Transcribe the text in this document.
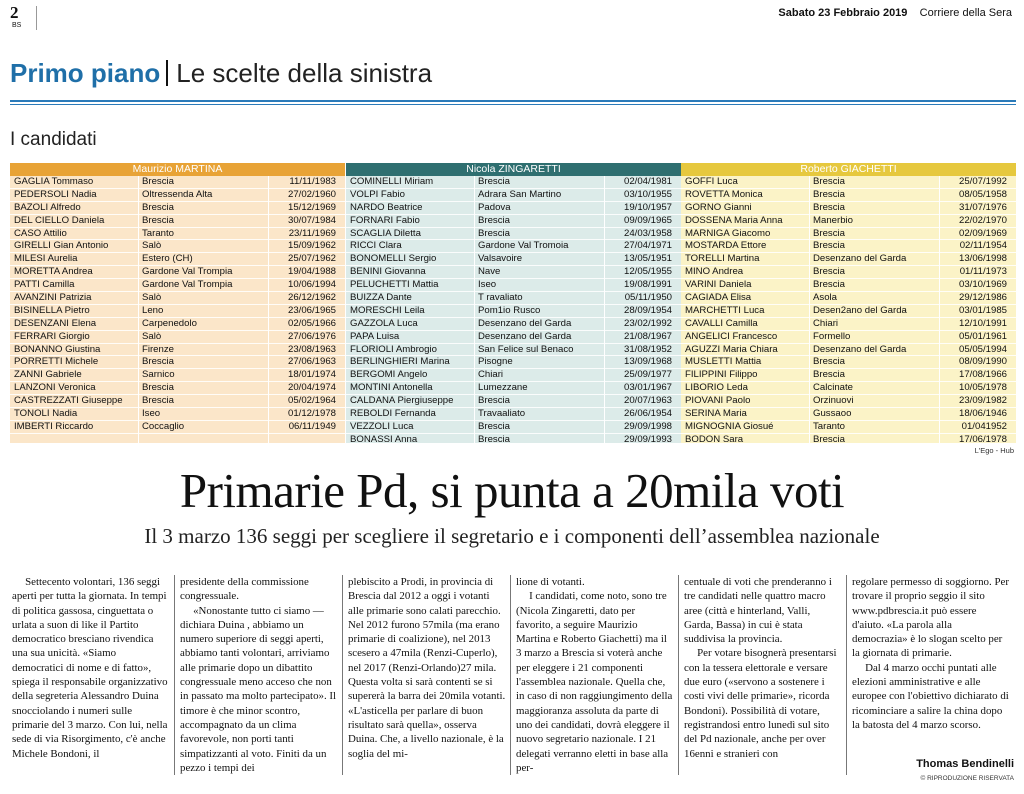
2
BS
Sabato 23 Febbraio 2019 Corriere della Sera
Primo piano Le scelte della sinistra
I candidati
Maurizio MARTINA
GAGLIA Tommaso	Brescia	11/11/1983
PEDERSOLI Nadia	Oltressenda Alta	27/02/1960
BAZOLI Alfredo	Brescia	15/12/1969
DEL CIELLO Daniela	Brescia	30/07/1984
CASO Attilio	Taranto	23/11/1969
GIRELLI Gian Antonio	Salò	15/09/1962
MILESI Aurelia	Estero (CH)	25/07/1962
MORETTA Andrea	Gardone Val Trompia	19/04/1988
PATTI Camilla	Gardone Val Trompia	10/06/1994
AVANZINI Patrizia	Salò	26/12/1962
BISINELLA Pietro	Leno	23/06/1965
DESENZANI Elena	Carpenedolo	02/05/1966
FERRARI Giorgio	Salò	27/06/1976
BONANNO Giustina	Firenze	23/08/1963
PORRETTI Michele	Brescia	27/06/1963
ZANNI Gabriele	Sarnico	18/01/1974
LANZONI Veronica	Brescia	20/04/1974
CASTREZZATI Giuseppe	Brescia	05/02/1964
TONOLI Nadia	Iseo	01/12/1978
IMBERTI Riccardo	Coccaglio	06/11/1949
Nicola ZINGARETTI
COMINELLI Miriam	Brescia	02/04/1981
VOLPI Fabio	Adrara San Martino	03/10/1955
NARDO Beatrice	Padova	19/10/1957
FORNARI Fabio	Brescia	09/09/1965
SCAGLIA Diletta	Brescia	24/03/1958
RICCI Clara	Gardone Val Tromoia	27/04/1971
BONOMELLI Sergio	Valsavoire	13/05/1951
BENINI Giovanna	Nave	12/05/1955
PELUCHETTI Mattia	Iseo	19/08/1991
BUIZZA Dante	T ravaliato	05/11/1950
MORESCHI Leila	Pom1io Rusco	28/09/1954
GAZZOLA Luca	Desenzano del Garda	23/02/1992
PAPA Luisa	Desenzano del Garda	21/08/1967
FLORIOLI Ambrogio	San Felice sul Benaco	31/08/1952
BERLINGHIERI Marina	Pisogne	13/09/1968
BERGOMI Angelo	Chiari	25/09/1977
MONTINI Antonella	Lumezzane	03/01/1967
CALDANA Piergiuseppe	Brescia	20/07/1963
REBOLDI Fernanda	Travaaliato	26/06/1954
VEZZOLI Luca	Brescia	29/09/1998
BONASSI Anna	Brescia	29/09/1993
Roberto GIACHETTI
GOFFI Luca	Brescia	25/07/1992
ROVETTA Monica	Brescia	08/05/1958
GORNO Gianni	Brescia	31/07/1976
DOSSENA Maria Anna	Manerbio	22/02/1970
MARNIGA Giacomo	Brescia	02/09/1969
MOSTARDA Ettore	Brescia	02/11/1954
TORELLI Martina	Desenzano del Garda	13/06/1998
MINO Andrea	Brescia	01/11/1973
VARINI Daniela	Brescia	03/10/1969
CAGIADA Elisa	Asola	29/12/1986
MARCHETTI Luca	Desen2ano del Garda	03/01/1985
CAVALLI Camilla	Chiari	12/10/1991
ANGELICI Francesco	Formello	05/01/1961
AGUZZI Maria Chiara	Desenzano del Garda	05/05/1994
MUSLETTI Mattia	Brescia	08/09/1990
FILIPPINI Filippo	Brescia	17/08/1966
LIBORIO Leda	Calcinate	10/05/1978
PIOVANI Paolo	Orzinuovi	23/09/1982
SERINA Maria	Gussaoo	18/06/1946
MIGNOGNIA Giosué	Taranto	01/041952
BODON Sara	Brescia	17/06/1978
L'Ego - Hub
Primarie Pd, si punta a 20mila voti
Il 3 marzo 136 seggi per scegliere il segretario e i componenti dell’assemblea nazionale
Settecento volontari, 136 seggi aperti per tutta la giornata. In tempi di politica gassosa, cinguettata o urlata a suon di like il Partito democratico bresciano rivendica una sua unicità. «Siamo democratici di nome e di fatto», spiega il responsabile organizzativo della segreteria Alessandro Duina snocciolando i numeri sulle primarie del 3 marzo. Con lui, nella sede di via Risorgimento, c'è anche Michele Bondoni, il
presidente della commissione congressuale.
«Nonostante tutto ci siamo — dichiara Duina , abbiamo un numero superiore di seggi aperti, abbiamo tanti volontari, arriviamo alle primarie dopo un dibattito congressuale meno acceso che non in passato ma molto partecipato». Il timore è che minor scontro, accompagnato da un clima favorevole, non porti tanti simpatizzanti al voto. Finiti da un pezzo i tempi dei
plebiscito a Prodi, in provincia di Brescia dal 2012 a oggi i votanti alle primarie sono calati parecchio. Nel 2012 furono 57mila (ma erano primarie di coalizione), nel 2013 scesero a 47mila (Renzi-Cuperlo), nel 2017 (Renzi-Orlando)27 mila. Questa volta si sarà contenti se si supererà la barra dei 20mila votanti. «L'asticella per parlare di buon risultato sarà quella», osserva Duina. Che, a livello nazionale, è la soglia del mi-
lione di votanti.
I candidati, come noto, sono tre (Nicola Zingaretti, dato per favorito, a seguire Maurizio Martina e Roberto Giachetti) ma il 3 marzo a Brescia si voterà anche per eleggere i 21 componenti l'assemblea nazionale. Quella che, in caso di non raggiungimento della maggioranza assoluta da parte di uno dei candidati, dovrà eleggere il nuovo segretario nazionale. I 21 delegati verranno eletti in base alla per-
centuale di voti che prenderanno i tre candidati nelle quattro macro aree (città e hinterland, Valli, Garda, Bassa) in cui è stata suddivisa la provincia.
Per votare bisognerà presentarsi con la tessera elettorale e versare due euro («servono a sostenere i costi vivi delle primarie», ricorda Bondoni). Possibilità di votare, registrandosi entro lunedì sul sito del Pd nazionale, anche per over 16enni e stranieri con
regolare permesso di soggiorno. Per trovare il proprio seggio il sito www.pdbrescia.it può essere d'aiuto. «La parola alla democrazia» è lo slogan scelto per la giornata di primarie.
Dal 4 marzo occhi puntati alle elezioni amministrative e alle europee con l'obiettivo dichiarato di ricominciare a salire la china dopo la batosta del 4 marzo scorso.
Thomas Bendinelli
© RIPRODUZIONE RISERVATA
